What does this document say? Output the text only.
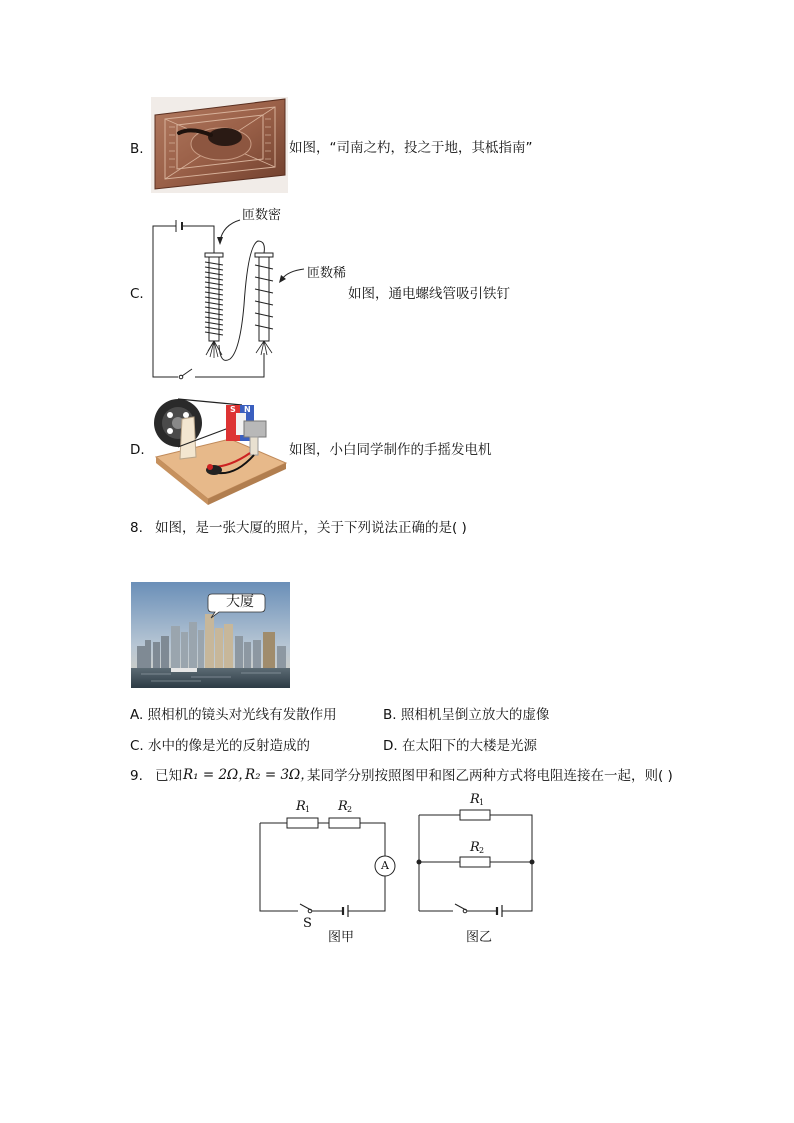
B.	如图，“司南之杓，投之于地，其柢指南”
C.
匝数密
匝数稀
如图，通电螺线管吸引铁钉
D.
S N
如图，小白同学制作的手摇发电机
8. 如图，是一张大厦的照片，关于下列说法正确的是( )
大厦
A. 照相机的镜头对光线有发散作用	B. 照相机呈倒立放大的虚像
C. 水中的像是光的反射造成的	D. 在太阳下的大楼是光源
9. 已知 R₁ = 2Ω，
R₂ = 3Ω，
某同学分别按照图甲和图乙两种方式将电阻连接在一起，则( )
R 1 R 2
A
S
图甲
R 1
R 2
图乙
